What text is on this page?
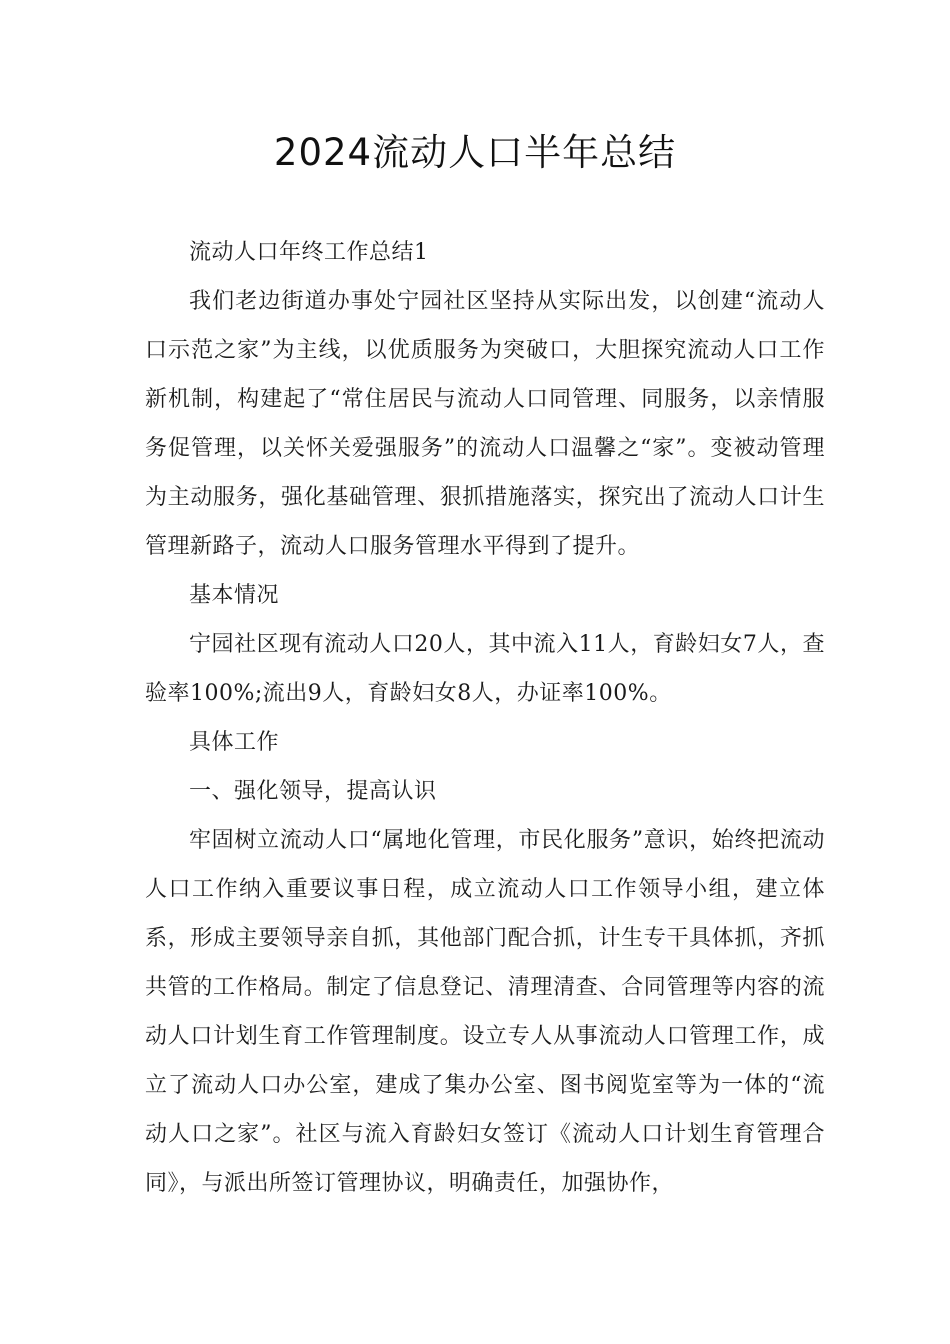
2024流动人口半年总结

流动人口年终工作总结1

我们老边街道办事处宁园社区坚持从实际出发，以创建“流动人口示范之家”为主线，以优质服务为突破口，大胆探究流动人口工作新机制，构建起了“常住居民与流动人口同管理、同服务，以亲情服务促管理，以关怀关爱强服务”的流动人口温馨之“家”。变被动管理为主动服务，强化基础管理、狠抓措施落实，探究出了流动人口计生管理新路子，流动人口服务管理水平得到了提升。

基本情况

宁园社区现有流动人口20人，其中流入11人，育龄妇女7人，查验率100%;流出9人，育龄妇女8人，办证率100%。

具体工作

一、强化领导，提高认识

牢固树立流动人口“属地化管理，市民化服务”意识，始终把流动人口工作纳入重要议事日程，成立流动人口工作领导小组，建立体系，形成主要领导亲自抓，其他部门配合抓，计生专干具体抓，齐抓共管的工作格局。制定了信息登记、清理清查、合同管理等内容的流动人口计划生育工作管理制度。设立专人从事流动人口管理工作，成立了流动人口办公室，建成了集办公室、图书阅览室等为一体的“流动人口之家”。社区与流入育龄妇女签订《流动人口计划生育管理合同》，与派出所签订管理协议，明确责任，加强协作，
